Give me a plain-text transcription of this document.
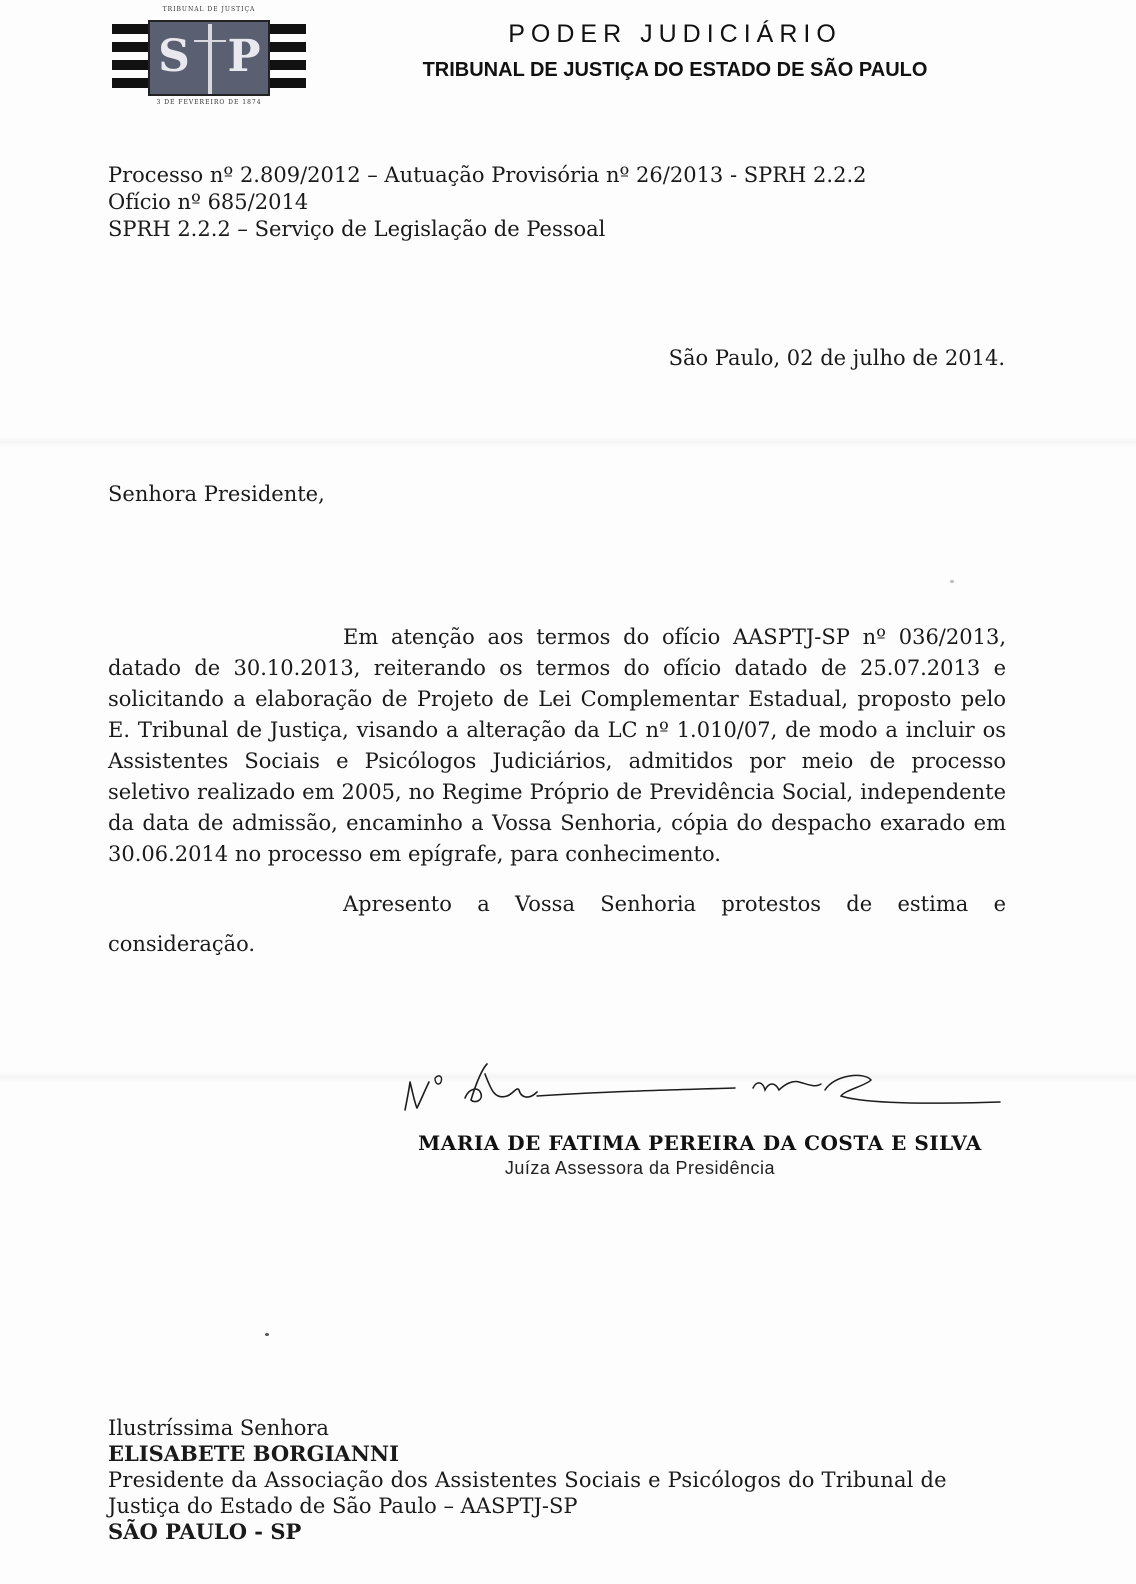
TRIBUNAL DE JUSTIÇA
S P
3 DE FEVEREIRO DE 1874
PODER JUDICIÁRIO
TRIBUNAL DE JUSTIÇA DO ESTADO DE SÃO PAULO
Processo nº 2.809/2012 – Autuação Provisória nº 26/2013 - SPRH 2.2.2
Ofício nº 685/2014
SPRH 2.2.2 – Serviço de Legislação de Pessoal
São Paulo, 02 de julho de 2014.
Senhora Presidente,

Em atenção aos termos do ofício AASPTJ-SP nº 036/2013, datado de 30.10.2013, reiterando os termos do ofício datado de 25.07.2013 e solicitando a elaboração de Projeto de Lei Complementar Estadual, proposto pelo E. Tribunal de Justiça, visando a alteração da LC nº 1.010/07, de modo a incluir os Assistentes Sociais e Psicólogos Judiciários, admitidos por meio de processo seletivo realizado em 2005, no Regime Próprio de Previdência Social, independente da data de admissão, encaminho a Vossa Senhoria, cópia do despacho exarado em 30.06.2014 no processo em epígrafe, para conhecimento.

Apresento a Vossa Senhoria protestos de estima e consideração.

MARIA DE FATIMA PEREIRA DA COSTA E SILVA
Juíza Assessora da Presidência
Ilustríssima Senhora
ELISABETE BORGIANNI
Presidente da Associação dos Assistentes Sociais e Psicólogos do Tribunal de
Justiça do Estado de São Paulo – AASPTJ-SP
SÃO PAULO - SP
